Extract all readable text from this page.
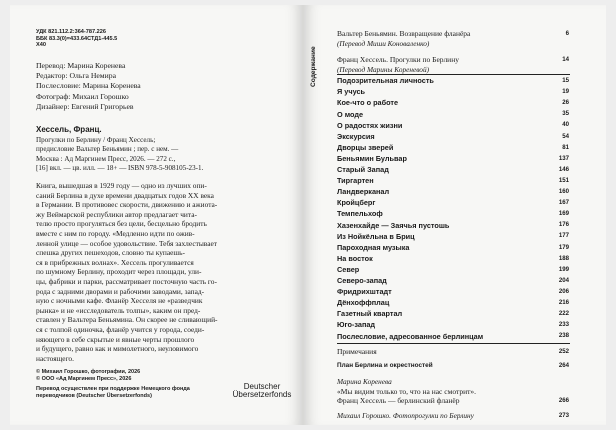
УДК 821.112.2:364-787.226
ББК 83.3(0)=433.64СТД1-445.5
Х40
Перевод: Марина Коренева
Редактор: Ольга Немира
Послесловие: Марина Коренева
Фотограф: Михаил Горошко
Дизайнер: Евгений Григорьев
Хессель, Франц.
Прогулки по Берлину / Франц Хессель;
предисловие Вальтер Беньямин ; пер. с нем. —
Москва : Ад Маргинем Пресс, 2026. — 272 с.,
[16] вкл. — цв. илл. — 18+ — ISBN 978-5-908105-23-1.
Книга, вышедшая в 1929 году — одно из лучших опи-
саний Берлина в духе времени двадцатых годов XX века
в Германии. В противовес скорости, движению и ажиота-
жу Веймарской республики автор предлагает чита-
телю просто прогуляться без цели, бесцельно бродить
вместе с ним по городу. «Медленно идти по ожив-
ленной улице — особое удовольствие. Тебя захлестывает
спешка других пешеходов, словно ты купаешь-
ся в прибрежных волнах». Хессель прогуливается
по шумному Берлину, проходит через площади, ули-
цы, фабрики и парки, рассматривает посточную часть го-
рода с задними дворами и рабочими заводами, запад-
ную с ночными кафе. Фланёр Хесселя не «разведчик
рынка» и не «исследователь толпы», каким он пред-
ставлен у Вальтера Беньямина. Он скорее не сливающий-
ся с толпой одиночка, фланёр учится у города, соеди-
няющего в себе скрытые и явные черты прошлого
и будущего, равно как и мимолетного, неуловимого
настоящего.
© Михаил Горошко, фотографии, 2026
© ООО «Ад Маргинем Пресс», 2026
Перевод осуществлен при поддержке Немецкого фонда
переводчиков (Deutscher Übersetzerfonds)
Deutscher
Übersetzerfonds
Содержание
Вальтер Беньямин. Возвращение фланёра	6
(Перевод Миши Коноваленко)
Франц Хессель. Прогулки по Берлину	14
(Перевод Марины Кореневой)
Подозрительная личность	15
Я учусь	19
Кое-что о работе	26
О моде	35
О радостях жизни	40
Экскурсия	54
Дворцы зверей	81
Беньямин Бульвар	137
Старый Запад	146
Тиргартен	151
Ландверканал	160
Кройцберг	167
Темпельхоф	169
Хазенхайде — Заячья пустошь	176
Из Нойкёльна в Бриц	177
Пароходная музыка	179
На восток	188
Север	199
Северо-запад	204
Фридрихштадт	206
Дёнхоффплац	216
Газетный квартал	222
Юго-запад	233
Послесловие, адресованное берлинцам	238
Примечания	252
План Берлина и окрестностей	264
Марина Коренева
«Мы видим только то, что на нас смотрит».
Франц Хессель — берлинский фланёр	266
Михаил Горошко. Фотопрогулки по Берлину	273
